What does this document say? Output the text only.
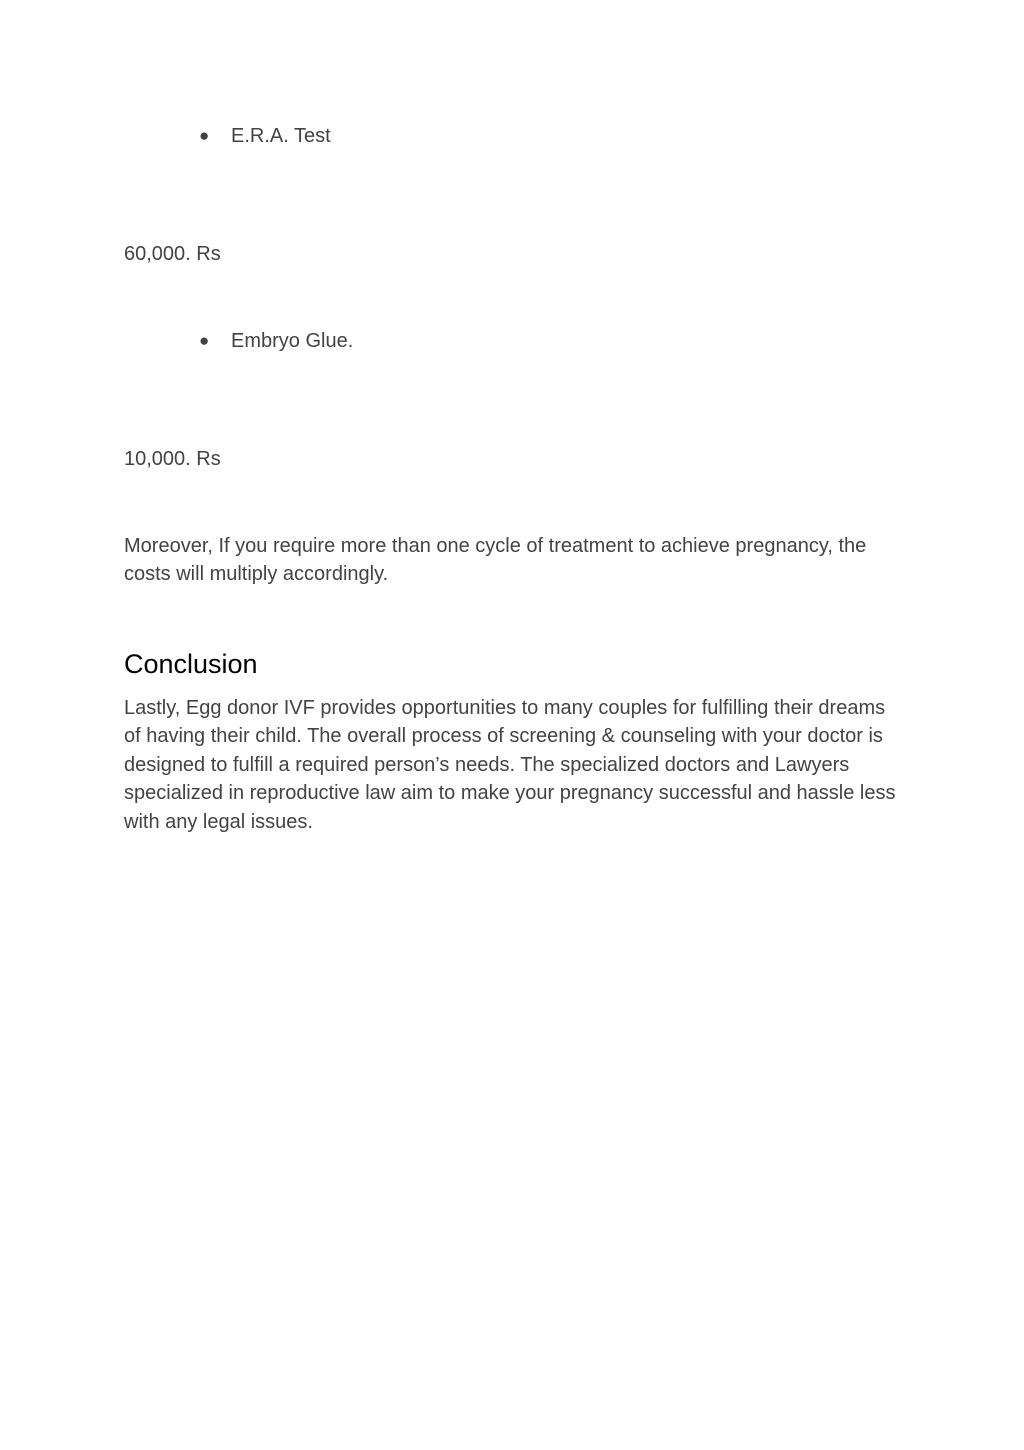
●	E.R.A. Test
60,000. Rs
●	Embryo Glue.
10,000. Rs
Moreover, If you require more than one cycle of treatment to achieve pregnancy, the costs will multiply accordingly.
Conclusion
Lastly, Egg donor IVF provides opportunities to many couples for fulfilling their dreams of having their child. The overall process of screening & counseling with your doctor is designed to fulfill a required person’s needs. The specialized doctors and Lawyers specialized in reproductive law aim to make your pregnancy successful and hassle less with any legal issues.
